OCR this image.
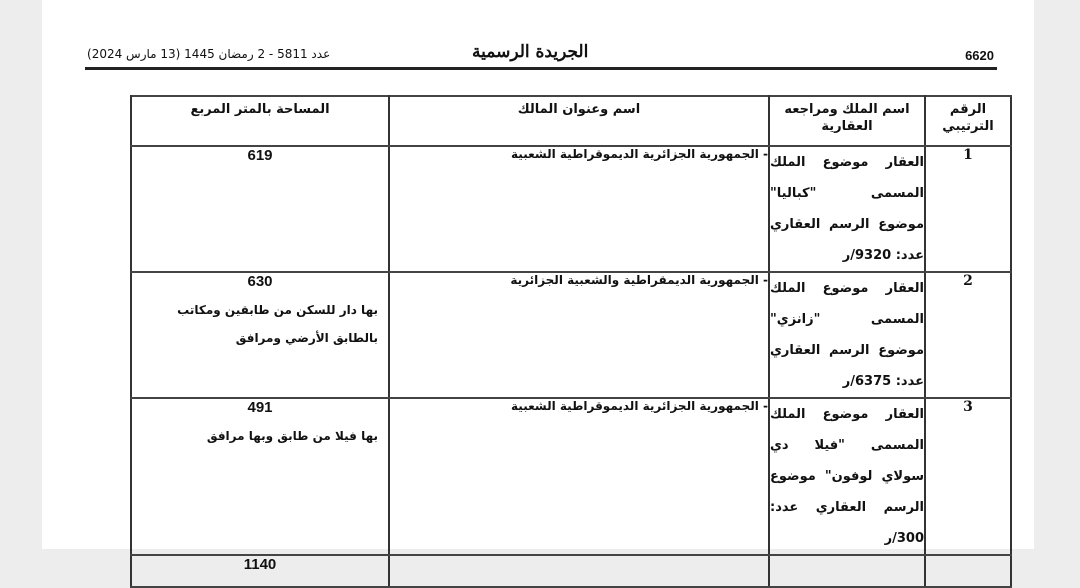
6620
الجريدة الرسمية
عدد 5811 - 2 رمضان 1445 (13 مارس 2024)
الرقم الترتيبي	اسم الملك ومراجعه العقارية	اسم وعنوان المالك	المساحة بالمتر المربع
1	العقار موضوع الملك المسمى "كباليا" موضوع الرسم العقاري عدد: 9320/ر	- الجمهورية الجزائرية الديموقراطية الشعبية	619

2	العقار موضوع الملك المسمى "زانزي" موضوع الرسم العقاري عدد: 6375/ر	- الجمهورية الديمقراطية والشعبية الجزائرية	630
بها دار للسكن من طابقين ومكاتب بالطابق الأرضي ومرافق

3	العقار موضوع الملك المسمى "فيلا دي سولاي لوفون" موضوع الرسم العقاري عدد: 300/ر	- الجمهورية الجزائرية الديموقراطية الشعبية	491
بها فيلا من طابق وبها مرافق

			1140
